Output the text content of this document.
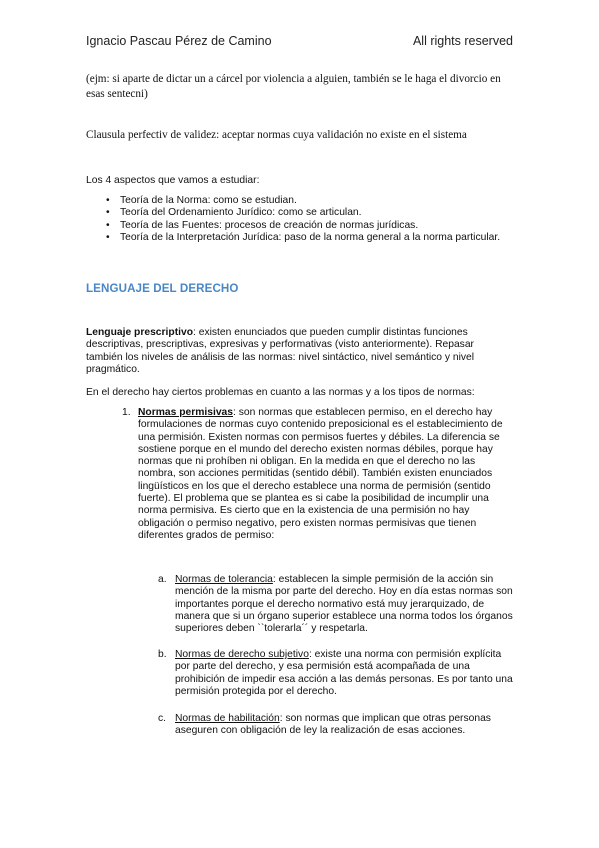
Ignacio Pascau Pérez de Camino	All rights reserved
(ejm: si aparte de dictar un a cárcel por violencia a alguien, también se le haga el divorcio en esas sentecni)
Clausula perfectiv de validez: aceptar normas cuya validación no existe en el sistema
Los 4 aspectos que vamos a estudiar:
• Teoría de la Norma: como se estudian.
• Teoría del Ordenamiento Jurídico: como se articulan.
• Teoría de las Fuentes: procesos de creación de normas jurídicas.
• Teoría de la Interpretación Jurídica: paso de la norma general a la norma particular.
LENGUAJE DEL DERECHO
Lenguaje prescriptivo: existen enunciados que pueden cumplir distintas funciones descriptivas, prescriptivas, expresivas y performativas (visto anteriormente). Repasar también los niveles de análisis de las normas: nivel sintáctico, nivel semántico y nivel pragmático.
En el derecho hay ciertos problemas en cuanto a las normas y a los tipos de normas:
1. Normas permisivas: son normas que establecen permiso, en el derecho hay formulaciones de normas cuyo contenido preposicional es el establecimiento de una permisión. Existen normas con permisos fuertes y débiles. La diferencia se sostiene porque en el mundo del derecho existen normas débiles, porque hay normas que ni prohíben ni obligan. En la medida en que el derecho no las nombra, son acciones permitidas (sentido débil). También existen enunciados lingüísticos en los que el derecho establece una norma de permisión (sentido fuerte). El problema que se plantea es si cabe la posibilidad de incumplir una norma permisiva. Es cierto que en la existencia de una permisión no hay obligación o permiso negativo, pero existen normas permisivas que tienen diferentes grados de permiso:
a. Normas de tolerancia: establecen la simple permisión de la acción sin mención de la misma por parte del derecho. Hoy en día estas normas son importantes porque el derecho normativo está muy jerarquizado, de manera que si un órgano superior establece una norma todos los órganos superiores deben ``tolerarla´´ y respetarla.
b. Normas de derecho subjetivo: existe una norma con permisión explícita por parte del derecho, y esa permisión está acompañada de una prohibición de impedir esa acción a las demás personas. Es por tanto una permisión protegida por el derecho.
c. Normas de habilitación: son normas que implican que otras personas aseguren con obligación de ley la realización de esas acciones.
